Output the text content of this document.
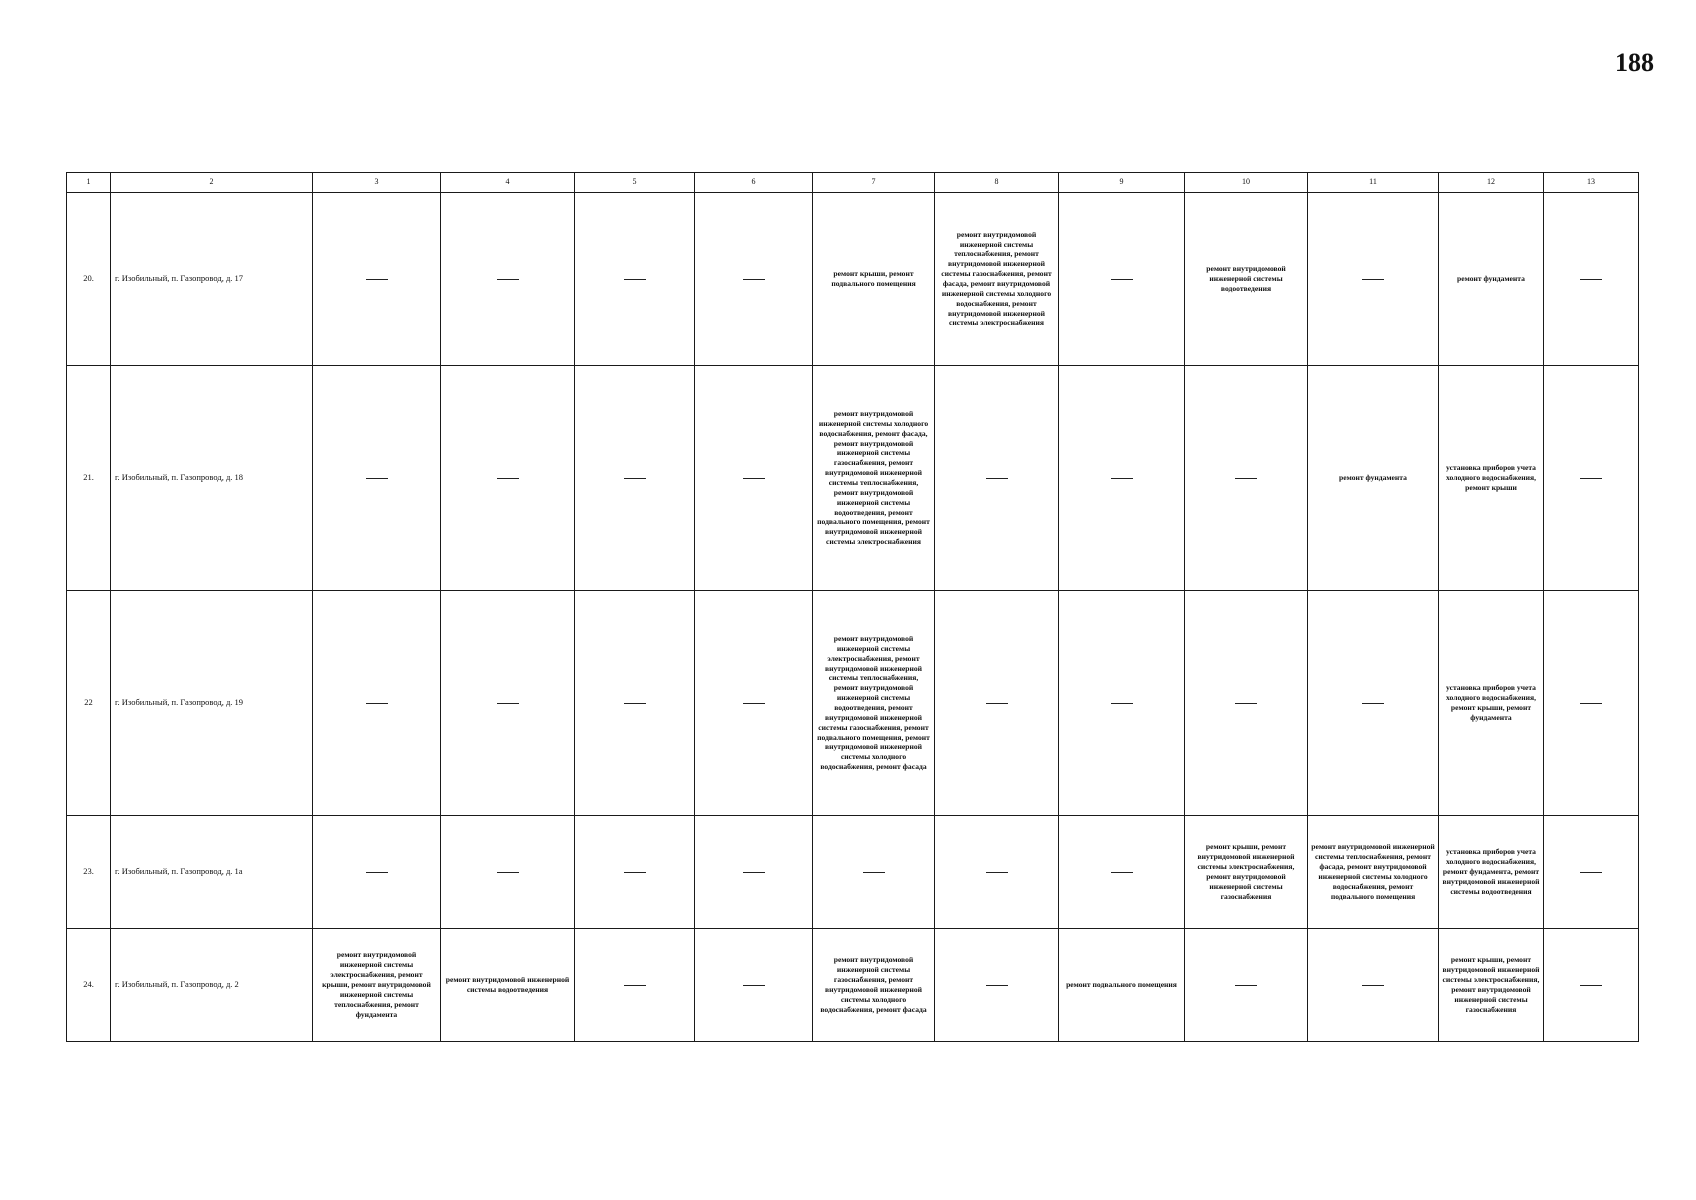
188
1	2	3	4	5	6	7	8	9	10	11	12	13
20.	г. Изобильный, п. Газопровод, д. 17					ремонт крыши, ремонт подвального помещения	ремонт внутридомовой инженерной системы теплоснабжения, ремонт внутридомовой инженерной системы газоснабжения, ремонт фасада, ремонт внутридомовой инженерной системы холодного водоснабжения, ремонт внутридомовой инженерной системы электроснабжения		ремонт внутридомовой инженерной системы водоотведения		ремонт фундамента	
21.	г. Изобильный, п. Газопровод, д. 18					ремонт внутридомовой инженерной системы холодного водоснабжения, ремонт фасада, ремонт внутридомовой инженерной системы газоснабжения, ремонт внутридомовой инженерной системы теплоснабжения, ремонт внутридомовой инженерной системы водоотведения, ремонт подвального помещения, ремонт внутридомовой инженерной системы электроснабжения				ремонт фундамента	установка приборов учета холодного водоснабжения, ремонт крыши	
22	г. Изобильный, п. Газопровод, д. 19					ремонт внутридомовой инженерной системы электроснабжения, ремонт внутридомовой инженерной системы теплоснабжения, ремонт внутридомовой инженерной системы водоотведения, ремонт внутридомовой инженерной системы газоснабжения, ремонт подвального помещения, ремонт внутридомовой инженерной системы холодного водоснабжения, ремонт фасада					установка приборов учета холодного водоснабжения, ремонт крыши, ремонт фундамента	
23.	г. Изобильный, п. Газопровод, д. 1а								ремонт крыши, ремонт внутридомовой инженерной системы электроснабжения, ремонт внутридомовой инженерной системы газоснабжения	ремонт внутридомовой инженерной системы теплоснабжения, ремонт фасада, ремонт внутридомовой инженерной системы холодного водоснабжения, ремонт подвального помещения	установка приборов учета холодного водоснабжения, ремонт фундамента, ремонт внутридомовой инженерной системы водоотведения	
24.	г. Изобильный, п. Газопровод, д. 2	ремонт внутридомовой инженерной системы электроснабжения, ремонт крыши, ремонт внутридомовой инженерной системы теплоснабжения, ремонт фундамента	ремонт внутридомовой инженерной системы водоотведения			ремонт внутридомовой инженерной системы газоснабжения, ремонт внутридомовой инженерной системы холодного водоснабжения, ремонт фасада		ремонт подвального помещения			ремонт крыши, ремонт внутридомовой инженерной системы электроснабжения, ремонт внутридомовой инженерной системы газоснабжения	
